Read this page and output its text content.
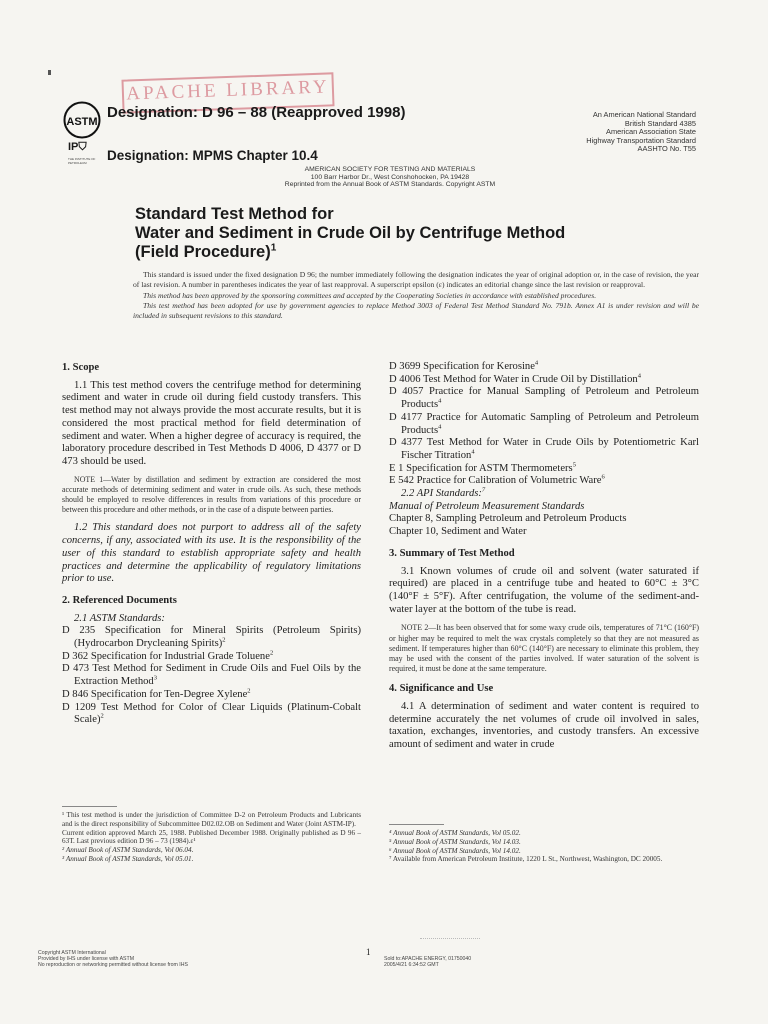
APACHE LIBRARY
ASTM
IP⛉
THE INSTITUTE OF PETROLEUM
Designation: D 96 – 88 (Reapproved 1998)
Designation: MPMS Chapter 10.4
An American National Standard
British Standard 4385
American Association State
Highway Transportation Standard
AASHTO No. T55
AMERICAN SOCIETY FOR TESTING AND MATERIALS
100 Barr Harbor Dr., West Conshohocken, PA 19428
Reprinted from the Annual Book of ASTM Standards. Copyright ASTM
Standard Test Method for
Water and Sediment in Crude Oil by Centrifuge Method
(Field Procedure)$^1$

This standard is issued under the fixed designation D 96; the number immediately following the designation indicates the year of original adoption or, in the case of revision, the year of last revision. A number in parentheses indicates the year of last reapproval. A superscript epsilon (ε) indicates an editorial change since the last revision or reapproval.

This method has been approved by the sponsoring committees and accepted by the Cooperating Societies in accordance with established procedures.

This test method has been adopted for use by government agencies to replace Method 3003 of Federal Test Method Standard No. 791b. Annex A1 is under revision and will be included in subsequent revisions to this standard.

1. Scope

1.1 This test method covers the centrifuge method for determining sediment and water in crude oil during field custody transfers. This test method may not always provide the most accurate results, but it is considered the most practical method for field determination of sediment and water. When a higher degree of accuracy is required, the laboratory procedure described in Test Methods D 4006, D 4377 or D 473 should be used.

NOTE 1—Water by distillation and sediment by extraction are considered the most accurate methods of determining sediment and water in crude oils. As such, these methods should be employed to resolve differences in results from variations of this procedure or between this procedure and other methods, or in the case of a dispute between parties.

1.2 This standard does not purport to address all of the safety concerns, if any, associated with its use. It is the responsibility of the user of this standard to establish appropriate safety and health practices and determine the applicability of regulatory limitations prior to use.

2. Referenced Documents

2.1 ASTM Standards:

D 235 Specification for Mineral Spirits (Petroleum Spirits) (Hydrocarbon Drycleaning Spirits)$^2$

D 362 Specification for Industrial Grade Toluene$^2$

D 473 Test Method for Sediment in Crude Oils and Fuel Oils by the Extraction Method$^3$

D 846 Specification for Ten-Degree Xylene$^2$

D 1209 Test Method for Color of Clear Liquids (Platinum-Cobalt Scale)$^2$

¹ This test method is under the jurisdiction of Committee D-2 on Petroleum Products and Lubricants and is the direct responsibility of Subcommittee D02.02.OB on Sediment and Water (Joint ASTM-IP).

Current edition approved March 25, 1988. Published December 1988. Originally published as D 96 – 63T. Last previous edition D 96 – 73 (1984).ε¹

² Annual Book of ASTM Standards, Vol 06.04.

³ Annual Book of ASTM Standards, Vol 05.01.

D 3699 Specification for Kerosine$^4$

D 4006 Test Method for Water in Crude Oil by Distillation$^4$

D 4057 Practice for Manual Sampling of Petroleum and Petroleum Products$^4$

D 4177 Practice for Automatic Sampling of Petroleum and Petroleum Products$^4$

D 4377 Test Method for Water in Crude Oils by Potentiometric Karl Fischer Titration$^4$

E 1 Specification for ASTM Thermometers$^5$

E 542 Practice for Calibration of Volumetric Ware$^6$

2.2 API Standards:$^7$

Manual of Petroleum Measurement Standards

Chapter 8, Sampling Petroleum and Petroleum Products

Chapter 10, Sediment and Water

3. Summary of Test Method

3.1 Known volumes of crude oil and solvent (water saturated if required) are placed in a centrifuge tube and heated to 60°C ± 3°C (140°F ± 5°F). After centrifugation, the volume of the sediment-and-water layer at the bottom of the tube is read.

NOTE 2—It has been observed that for some waxy crude oils, temperatures of 71°C (160°F) or higher may be required to melt the wax crystals completely so that they are not measured as sediment. If temperatures higher than 60°C (140°F) are necessary to eliminate this problem, they may be used with the consent of the parties involved. If water saturation of the solvent is required, it must be done at the same temperature.

4. Significance and Use

4.1 A determination of sediment and water content is required to determine accurately the net volumes of crude oil involved in sales, taxation, exchanges, inventories, and custody transfers. An excessive amount of sediment and water in crude

⁴ Annual Book of ASTM Standards, Vol 05.02.

⁵ Annual Book of ASTM Standards, Vol 14.03.

⁶ Annual Book of ASTM Standards, Vol 14.02.

⁷ Available from American Petroleum Institute, 1220 L St., Northwest, Washington, DC 20005.

1
Copyright ASTM International
Provided by IHS under license with ASTM
No reproduction or networking permitted without license from IHS
Sold to:APACHE ENERGY, 01750040
2005/4/21 6:34:52 GMT
